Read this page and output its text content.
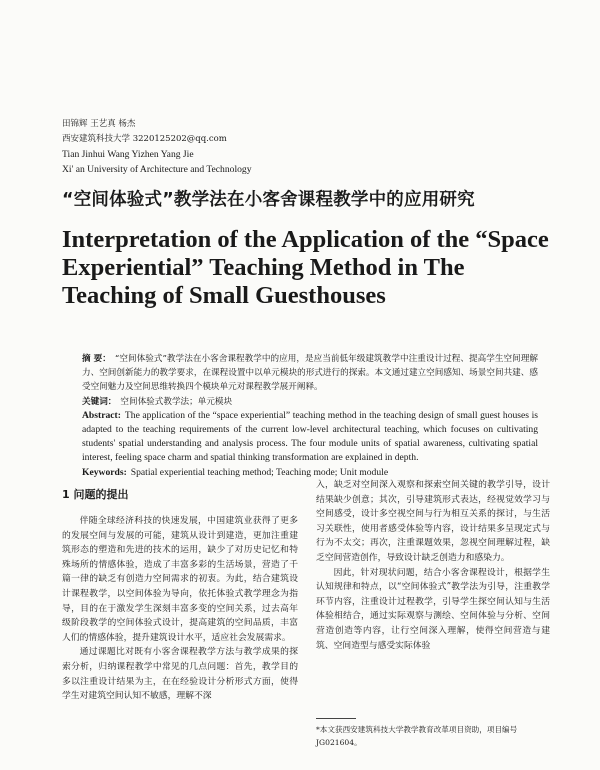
田锦辉 王艺真 杨杰
西安建筑科技大学 3220125202@qq.com
Tian Jinhui Wang Yizhen Yang Jie
Xi' an University of Architecture and Technology
“空间体验式”教学法在小客舍课程教学中的应用研究
Interpretation of the Application of the “Space Experiential” Teaching Method in The Teaching of Small Guesthouses

摘 要： “空间体验式”教学法在小客舍课程教学中的应用，是应当前低年级建筑教学中注重设计过程、提高学生空间理解力、空间创新能力的教学要求，在课程设置中以单元模块的形式进行的探索。本文通过建立空间感知、场景空间共建、感受空间魅力及空间思维转换四个模块单元对课程教学展开阐释。

关键词： 空间体验式教学法；单元模块

Abstract: The application of the “space experiential” teaching method in the teaching design of small guest houses is adapted to the teaching requirements of the current low-level architectural teaching, which focuses on cultivating students' spatial understanding and analysis process. The four module units of spatial awareness, cultivating spatial interest, feeling space charm and spatial thinking transformation are explained in depth.

Keywords: Spatial experiential teaching method; Teaching mode; Unit module

1 问题的提出

伴随全球经济科技的快速发展，中国建筑业获得了更多的发展空间与发展的可能，建筑从设计到建造，更加注重建筑形态的塑造和先进的技术的运用，缺少了对历史记忆和特殊场所的情感体验，造成了丰富多彩的生活场景，营造了千篇一律的缺乏有创造力空间需求的初衷。为此，结合建筑设计课程教学，以空间体验为导向，依托体验式教学理念为指导，目的在于激发学生深刻丰富多变的空间关系，过去高年级阶段教学的空间体验式设计，提高建筑的空间品质，丰富人们的情感体验，提升建筑设计水平，适应社会发展需求。

通过课题比对既有小客舍课程教学方法与教学成果的探索分析，归纳课程教学中常见的几点问题：首先，教学目的多以注重设计结果为主，在在经验设计分析形式方面，使得学生对建筑空间认知不敏感，理解不深

入，缺乏对空间深入观察和探索空间关键的教学引导，设计结果缺少创意；其次，引导建筑形式表达，经视觉效学习与空间感受，设计多空视空间与行为相互关系的探讨，与生活习关联性，使用者感受体验等内容，设计结果多呈现定式与行为不太交；再次，注重课题效果，忽视空间理解过程，缺乏空间营造创作，导致设计缺乏创造力和感染力。

因此，针对现状问题，结合小客舍课程设计，根据学生认知规律和特点，以“空间体验式”教学法为引导，注重教学环节内容，注重设计过程教学，引导学生探空间认知与生活体验相结合，通过实际观察与测绘、空间体验与分析、空间营造创造等内容，让行空间深入理解，使得空间营造与建筑、空间造型与感受实际体验

*本文获西安建筑科技大学教学教育改革项目资助，项目编号JG021604。
